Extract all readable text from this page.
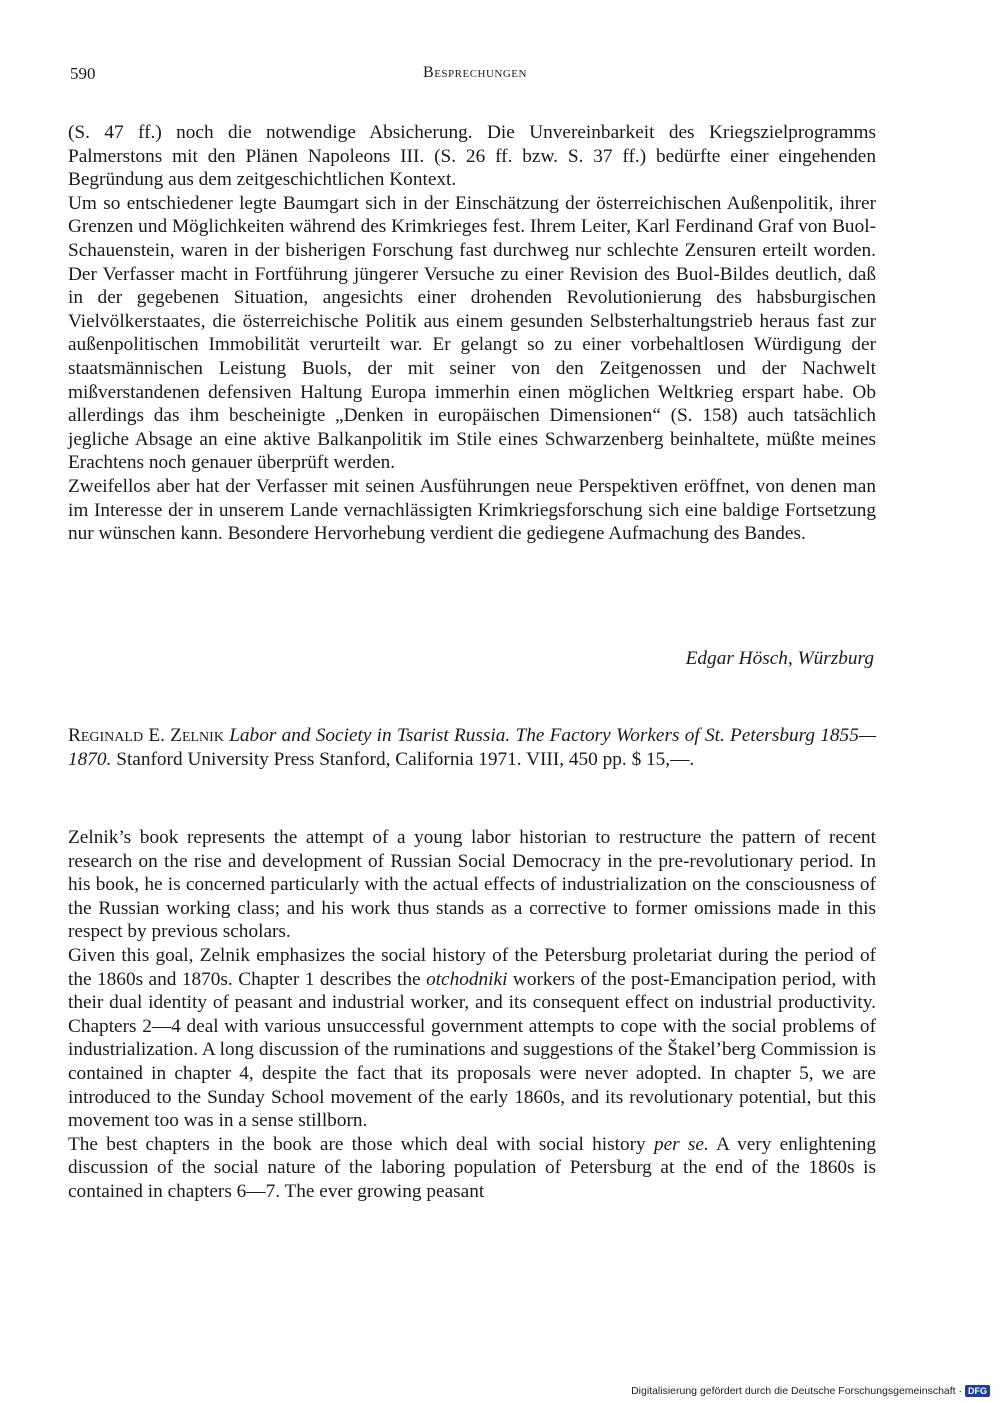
590	Besprechungen

(S. 47 ff.) noch die notwendige Absicherung. Die Unvereinbarkeit des Kriegszielprogramms Palmerstons mit den Plänen Napoleons III. (S. 26 ff. bzw. S. 37 ff.) bedürfte einer eingehenden Begründung aus dem zeitgeschichtlichen Kontext.

Um so entschiedener legte Baumgart sich in der Einschätzung der österreichischen Außenpolitik, ihrer Grenzen und Möglichkeiten während des Krimkrieges fest. Ihrem Leiter, Karl Ferdinand Graf von Buol-Schauenstein, waren in der bisherigen Forschung fast durchweg nur schlechte Zensuren erteilt worden. Der Verfasser macht in Fortführung jüngerer Versuche zu einer Revision des Buol-Bildes deutlich, daß in der gegebenen Situation, angesichts einer drohenden Revolutionierung des habsburgischen Vielvölkerstaates, die österreichische Politik aus einem gesunden Selbsterhaltungstrieb heraus fast zur außenpolitischen Immobilität verurteilt war. Er gelangt so zu einer vorbehaltlosen Würdigung der staatsmännischen Leistung Buols, der mit seiner von den Zeitgenossen und der Nachwelt mißverstandenen defensiven Haltung Europa immerhin einen möglichen Weltkrieg erspart habe. Ob allerdings das ihm bescheinigte „Denken in europäischen Dimensionen“ (S. 158) auch tatsächlich jegliche Absage an eine aktive Balkanpolitik im Stile eines Schwarzenberg beinhaltete, müßte meines Erachtens noch genauer überprüft werden.

Zweifellos aber hat der Verfasser mit seinen Ausführungen neue Perspektiven eröffnet, von denen man im Interesse der in unserem Lande vernachlässigten Krimkriegsforschung sich eine baldige Fortsetzung nur wünschen kann. Besondere Hervorhebung verdient die gediegene Aufmachung des Bandes.

Edgar Hösch, Würzburg
Reginald E. Zelnik Labor and Society in Tsarist Russia. The Factory Workers of St. Petersburg 1855—1870. Stanford University Press Stanford, California 1971. VIII, 450 pp. $ 15,—.

Zelnik’s book represents the attempt of a young labor historian to restructure the pattern of recent research on the rise and development of Russian Social Democracy in the pre-revolutionary period. In his book, he is concerned particularly with the actual effects of industrialization on the consciousness of the Russian working class; and his work thus stands as a corrective to former omissions made in this respect by previous scholars.

Given this goal, Zelnik emphasizes the social history of the Petersburg proletariat during the period of the 1860s and 1870s. Chapter 1 describes the otchodniki workers of the post-Emancipation period, with their dual identity of peasant and industrial worker, and its consequent effect on industrial productivity. Chapters 2—4 deal with various unsuccessful government attempts to cope with the social problems of industrialization. A long discussion of the ruminations and suggestions of the Štakel’berg Commission is contained in chapter 4, despite the fact that its proposals were never adopted. In chapter 5, we are introduced to the Sunday School movement of the early 1860s, and its revolutionary potential, but this movement too was in a sense stillborn.

The best chapters in the book are those which deal with social history per se. A very enlightening discussion of the social nature of the laboring population of Petersburg at the end of the 1860s is contained in chapters 6—7. The ever growing peasant

Digitalisierung gefördert durch die Deutsche Forschungsgemeinschaft · DFG
